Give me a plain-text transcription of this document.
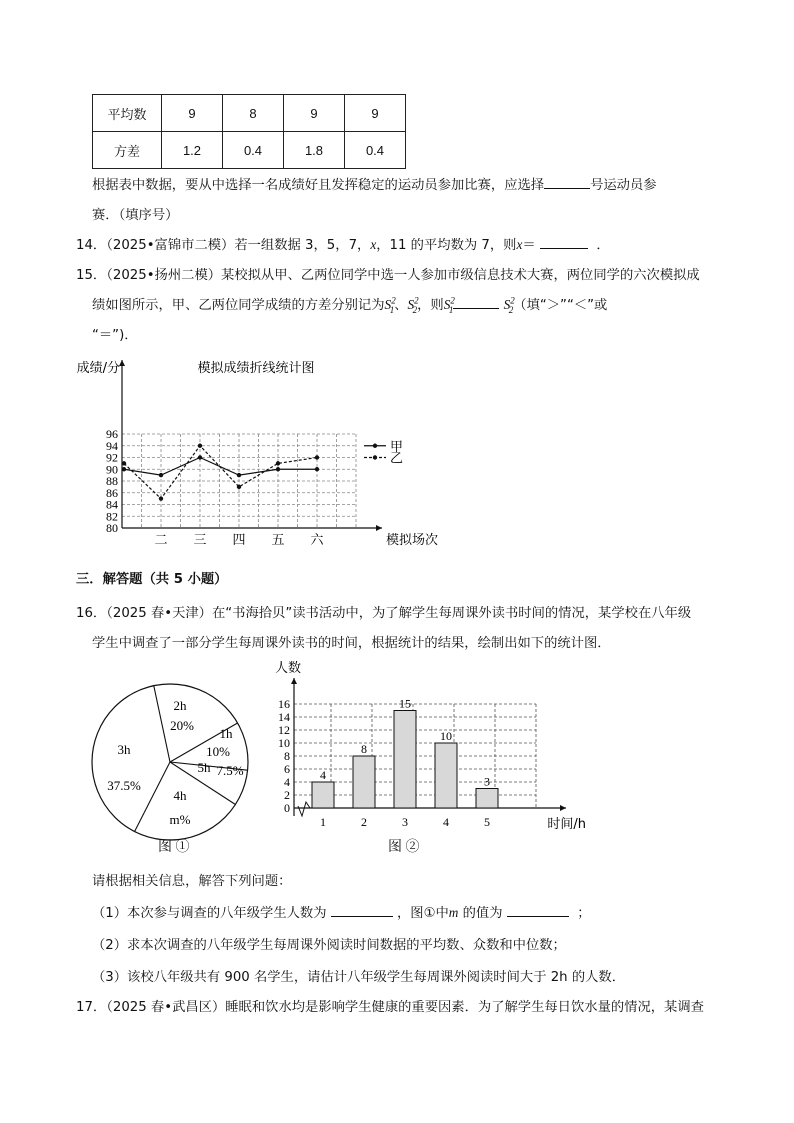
平均数	9	8	9	9
方差	1.2	0.4	1.8	0.4
根据表中数据，要从中选择一名成绩好且发挥稳定的运动员参加比赛，应选择	号运动员参
赛．（填序号）
14．（2025•富锦市二模）若一组数据 3，5，7，x，11 的平均数为 7，则x＝	．
15．（2025•扬州二模）某校拟从甲、乙两位同学中选一人参加市级信息技术大赛，两位同学的六次模拟成
绩如图所示，甲、乙两位同学成绩的方差分别记为$S^2_1$、$S^2_2$，则$S^2_1$	$S^2_2$（填“＞”“＜”或
“＝”)．
80
82
84
86
88
90
92
94
96
二 三 四 五 六
成绩/分	模拟成绩折线统计图
模拟场次
甲
乙
三．解答题（共 5 小题）
16．（2025 春•天津）在“书海拾贝”读书活动中，为了解学生每周课外读书时间的情况，某学校在八年级
学生中调查了一部分学生每周课外读书的时间，根据统计的结果，绘制出如下的统计图．
2h
20%
1h
10%
5h 7.5%
4h
m%
3h
37.5%
0
2
4
6
8
10
12
14
16
人数
时间/h
4
1
8
2
15
3
10
4
3
5
图 ①	图 ②
请根据相关信息，解答下列问题：
（1）本次参与调查的八年级学生人数为	，图①中m 的值为	；
（2）求本次调查的八年级学生每周课外阅读时间数据的平均数、众数和中位数；
（3）该校八年级共有 900 名学生，请估计八年级学生每周课外阅读时间大于 2h 的人数．
17．（2025 春•武昌区）睡眠和饮水均是影响学生健康的重要因素．为了解学生每日饮水量的情况，某调查
